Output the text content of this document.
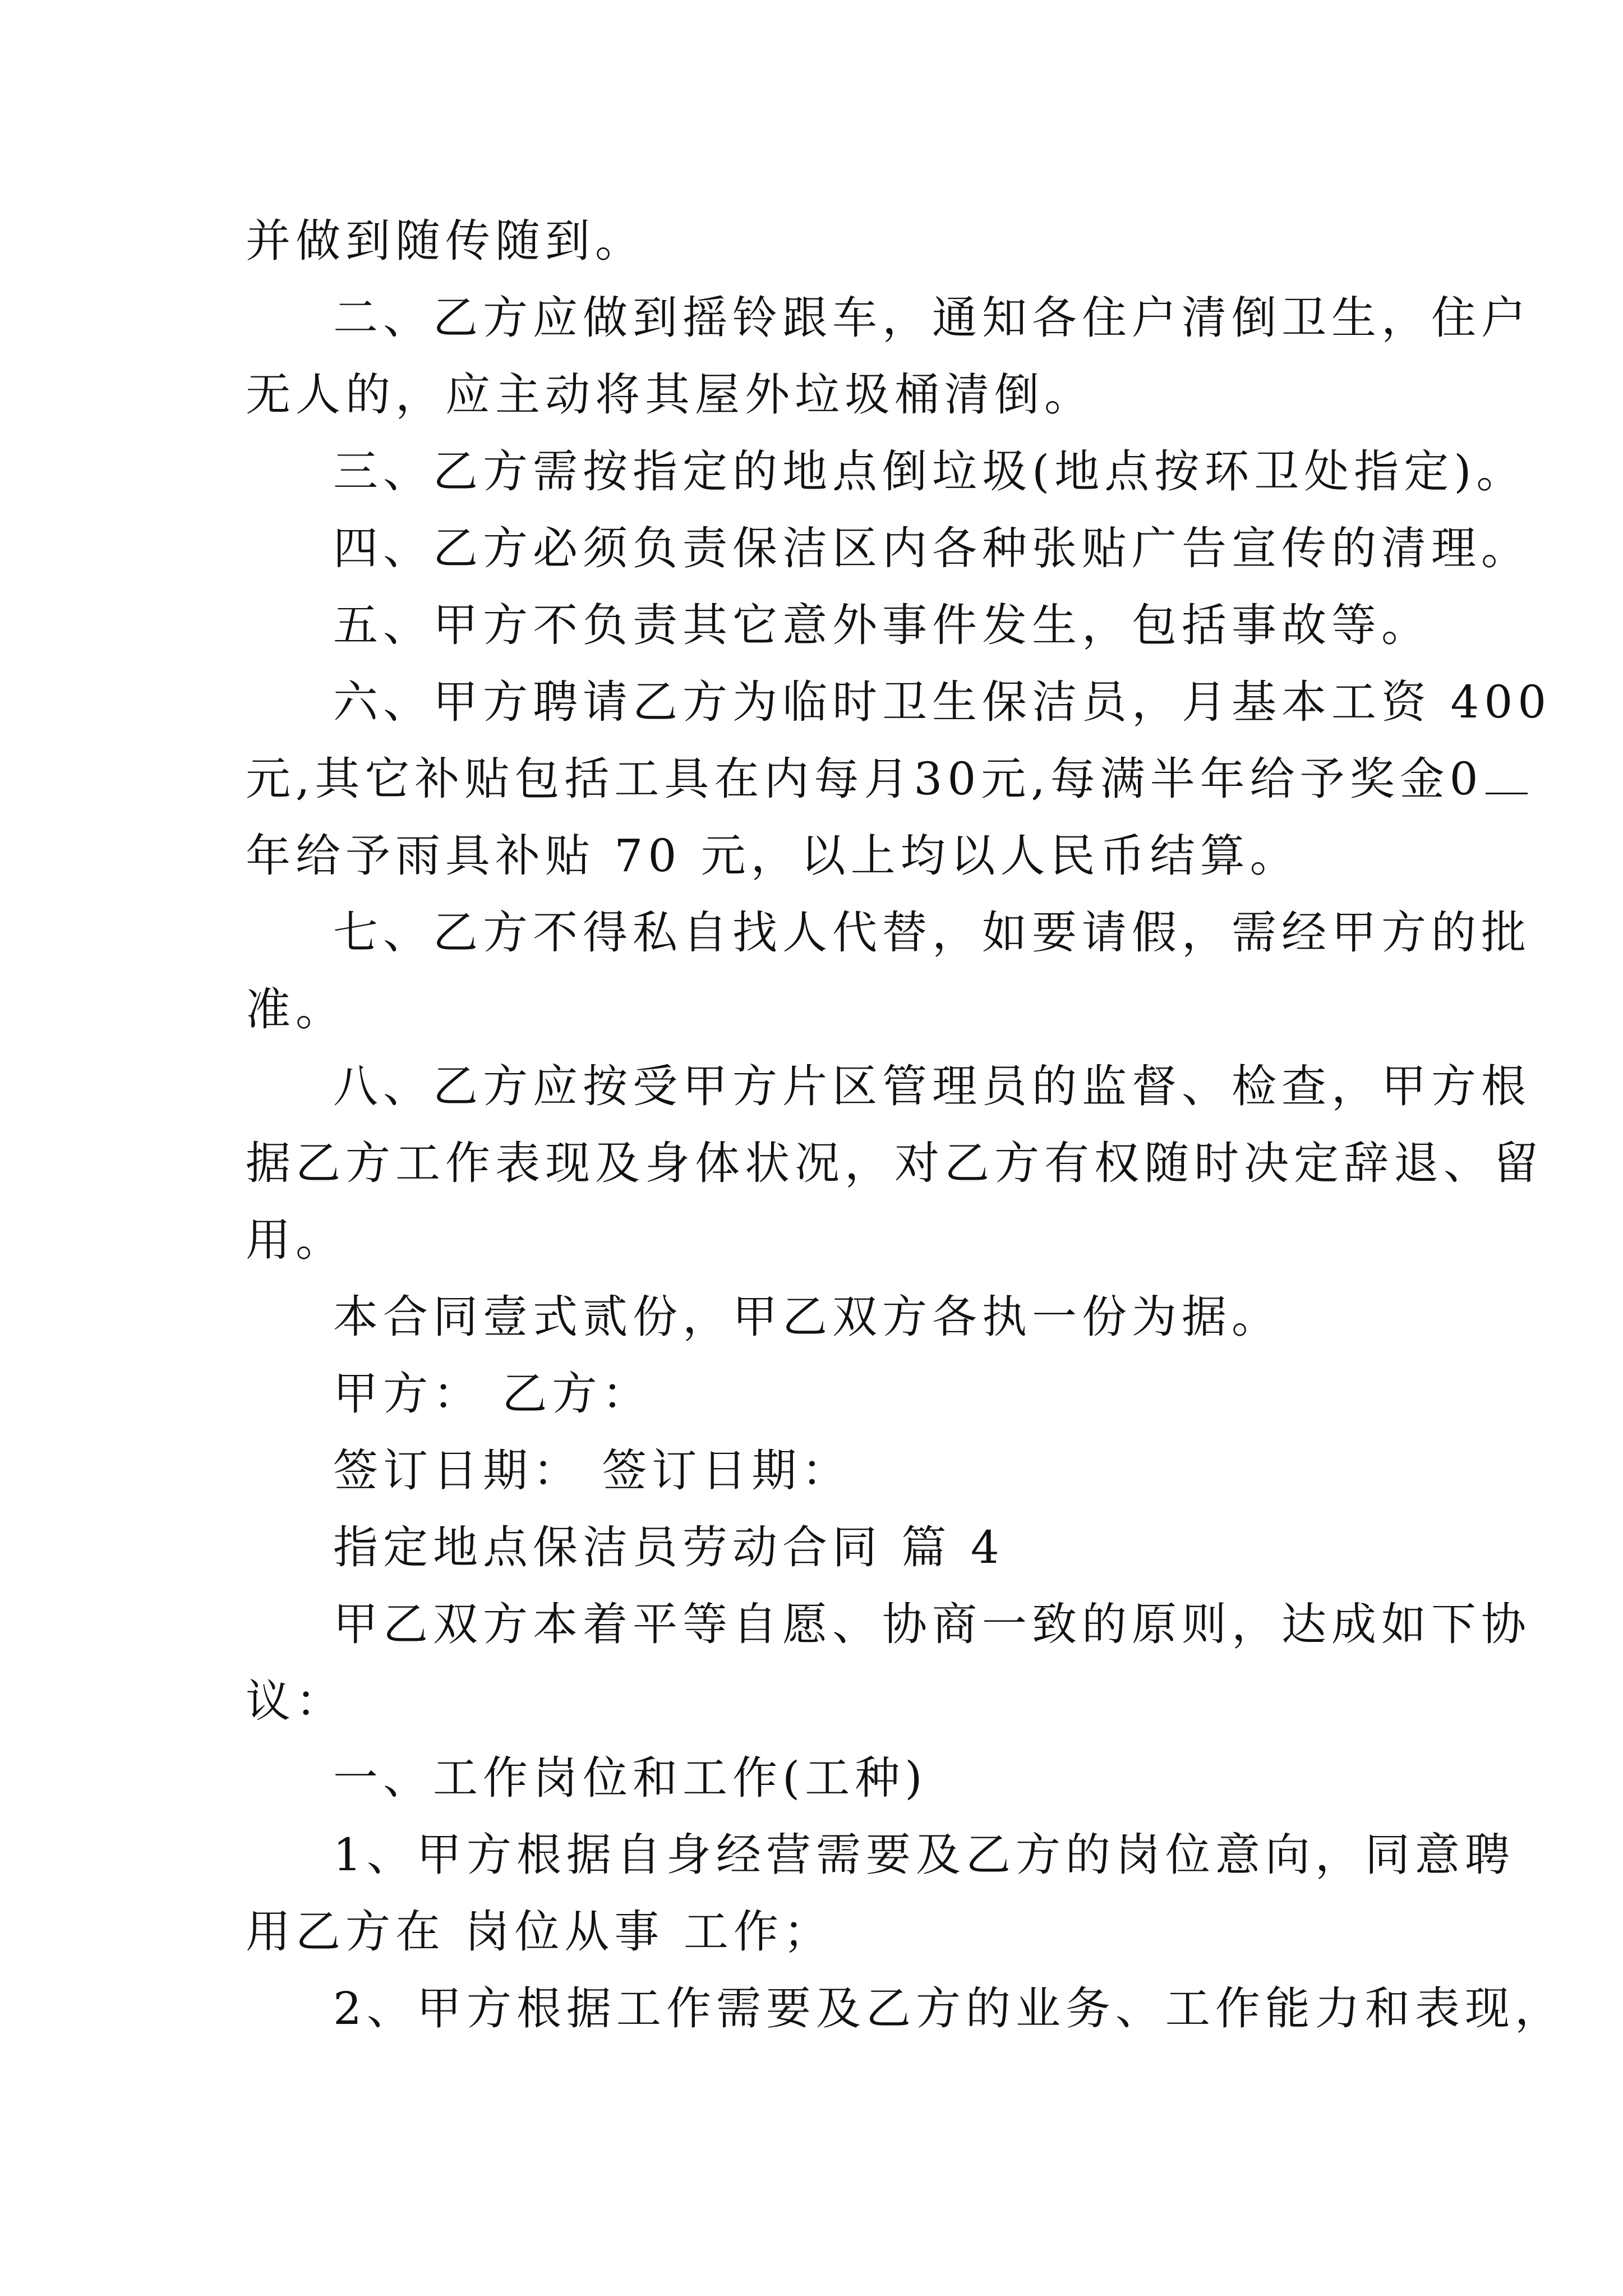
并做到随传随到。
二、乙方应做到摇铃跟车，通知各住户清倒卫生，住户
无人的，应主动将其屋外垃圾桶清倒。
三、乙方需按指定的地点倒垃圾(地点按环卫处指定)。
四、乙方必须负责保洁区内各种张贴广告宣传的清理。
五、甲方不负责其它意外事件发生，包括事故等。
六、甲方聘请乙方为临时卫生保洁员，月基本工资 400
元,其它补贴包括工具在内每月30元,每满半年给予奖金0
年给予雨具补贴 70 元，以上均以人民币结算。
七、乙方不得私自找人代替，如要请假，需经甲方的批
准。
八、乙方应按受甲方片区管理员的监督、检查，甲方根
据乙方工作表现及身体状况，对乙方有权随时决定辞退、留
用。
本合同壹式贰份，甲乙双方各执一份为据。
甲方： 乙方：
签订日期： 签订日期：
指定地点保洁员劳动合同 篇 4
甲乙双方本着平等自愿、协商一致的原则，达成如下协
议：
一、工作岗位和工作(工种)
1、甲方根据自身经营需要及乙方的岗位意向，同意聘
用乙方在 岗位从事 工作；
2、甲方根据工作需要及乙方的业务、工作能力和表现，
